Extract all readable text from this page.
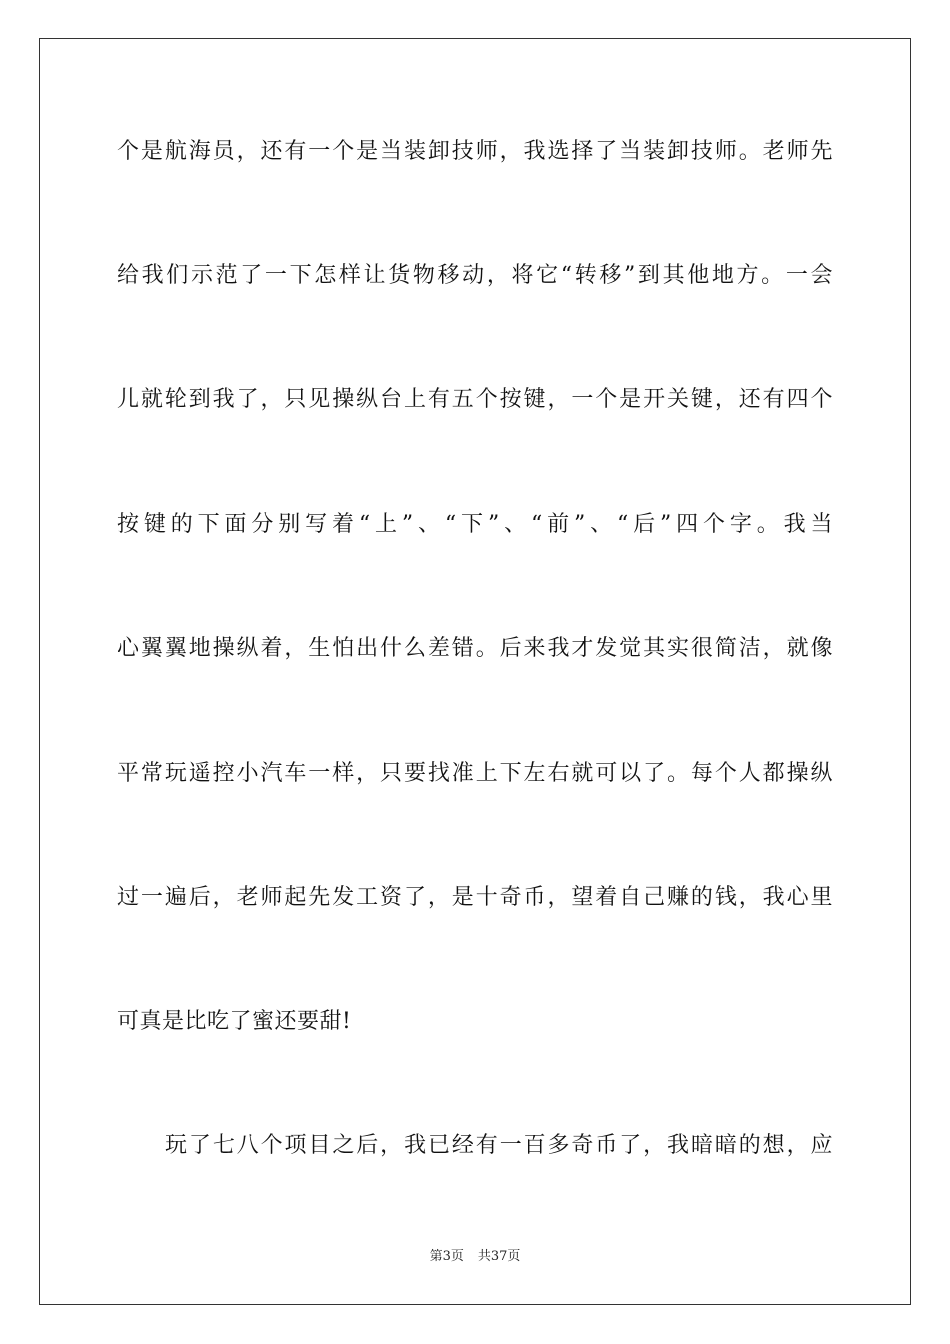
个是航海员，还有一个是当装卸技师，我选择了当装卸技师。老师先
给我们示范了一下怎样让货物移动，将它“转移”到其他地方。一会
儿就轮到我了，只见操纵台上有五个按键，一个是开关键，还有四个
按键的下面分别写着“上”、“下”、“前”、“后”四个字。我当
心翼翼地操纵着，生怕出什么差错。后来我才发觉其实很简洁，就像
平常玩遥控小汽车一样，只要找准上下左右就可以了。每个人都操纵
过一遍后，老师起先发工资了，是十奇币，望着自己赚的钱，我心里
可真是比吃了蜜还要甜!
玩了七八个项目之后，我已经有一百多奇币了，我暗暗的想，应
第3页 共37页
